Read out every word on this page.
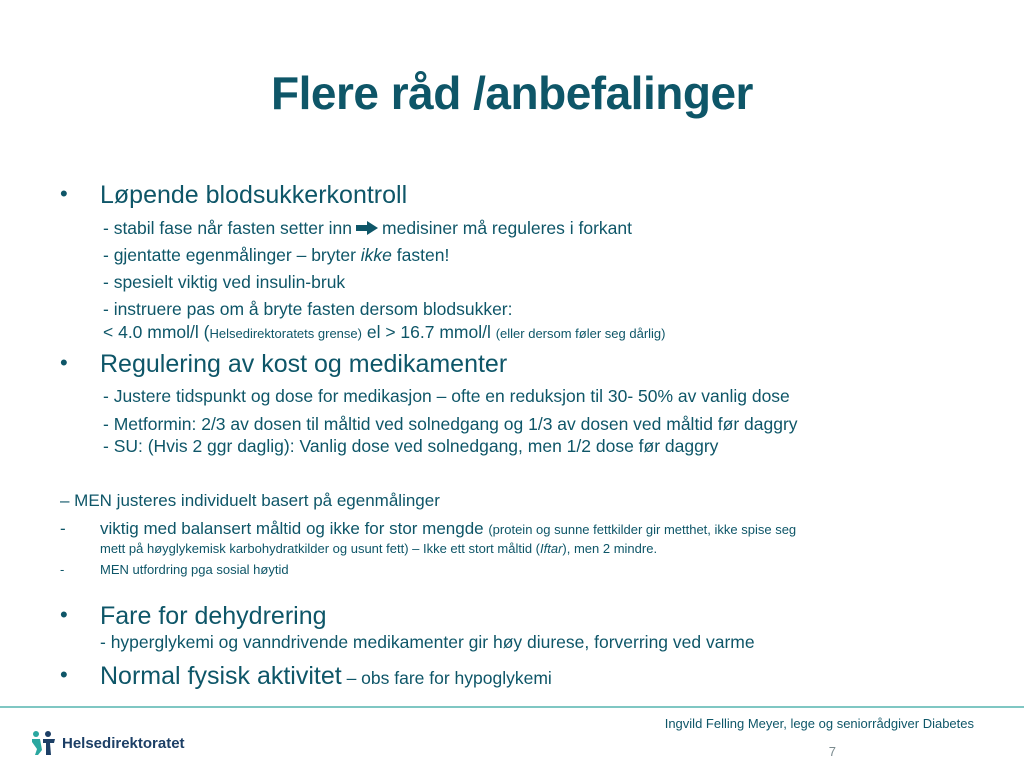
Flere råd /anbefalinger
• Løpende blodsukkerkontroll
- stabil fase når fasten setter inn medisiner må reguleres i forkant
- gjentatte egenmålinger – bryter ikke fasten!
- spesielt viktig ved insulin-bruk
- instruere pas om å bryte fasten dersom blodsukker:
< 4.0 mmol/l (Helsedirektoratets grense) el > 16.7 mmol/l (eller dersom føler seg dårlig)
• Regulering av kost og medikamenter
- Justere tidspunkt og dose for medikasjon – ofte en reduksjon til 30- 50% av vanlig dose
- Metformin: 2/3 av dosen til måltid ved solnedgang og 1/3 av dosen ved måltid før daggry
- SU: (Hvis 2 ggr daglig): Vanlig dose ved solnedgang, men 1/2 dose før daggry
– MEN justeres individuelt basert på egenmålinger
- viktig med balansert måltid og ikke for stor mengde (protein og sunne fettkilder gir metthet, ikke spise seg
mett på høyglykemisk karbohydratkilder og usunt fett) – Ikke ett stort måltid (Iftar), men 2 mindre.
-	MEN utfordring pga sosial høytid
• Fare for dehydrering
- hyperglykemi og vanndrivende medikamenter gir høy diurese, forverring ved varme
• Normal fysisk aktivitet – obs fare for hypoglykemi
Helsedirektoratet
Ingvild Felling Meyer, lege og seniorrådgiver Diabetes
7
